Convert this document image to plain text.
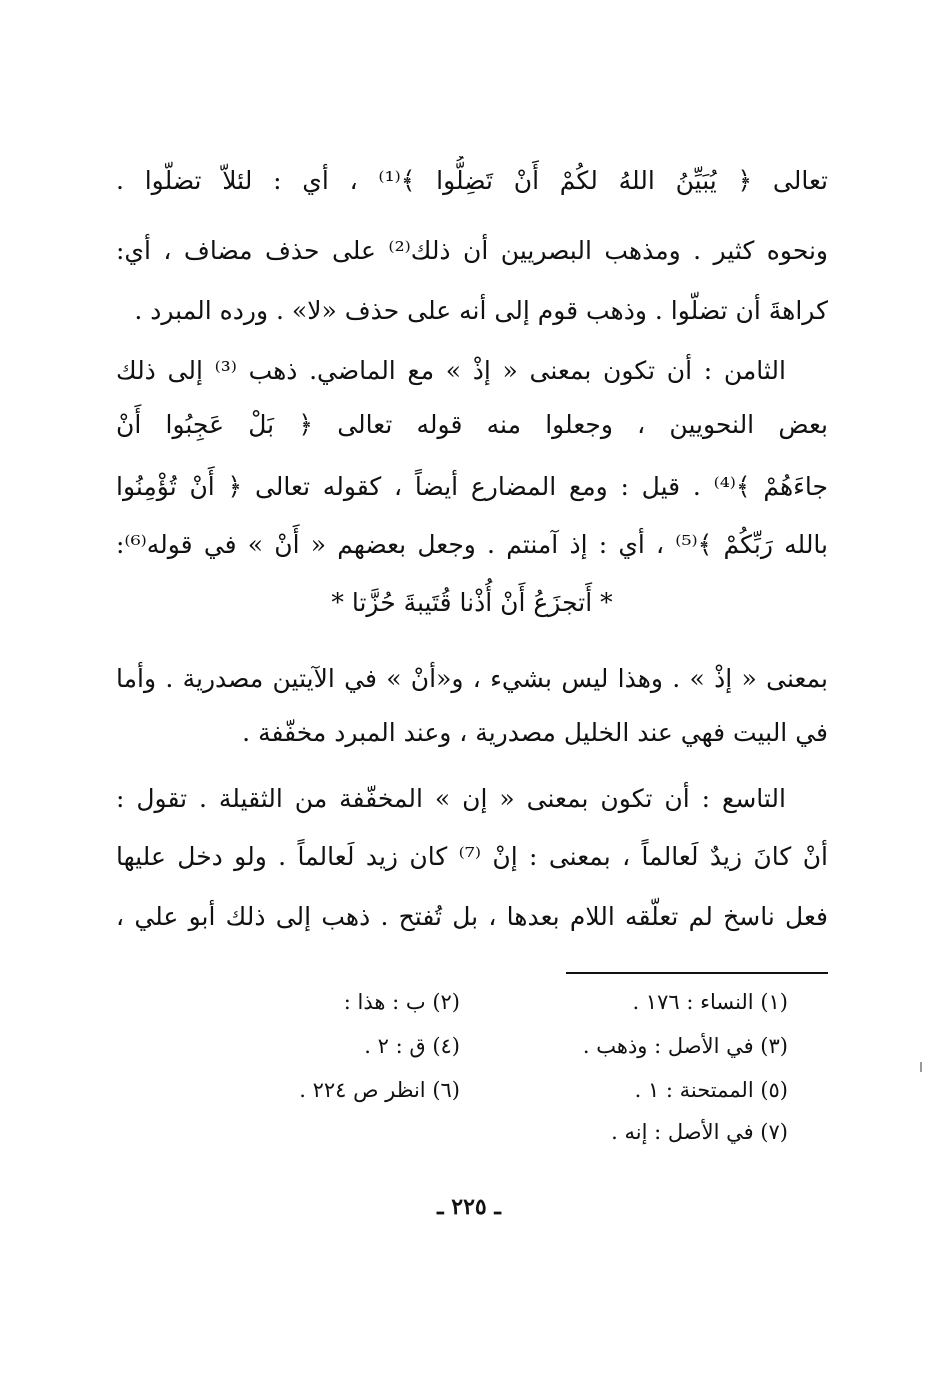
تعالى ﴿ يُبَيِّنُ اللهُ لكُمْ أَنْ تَضِلُّوا ﴾⁽¹⁾ ، أي : لئلاّ تضلّوا .
ونحوه كثير . ومذهب البصريين أن ذلك⁽²⁾ على حذف مضاف ، أي:
كراهةَ أن تضلّوا . وذهب قوم إلى أنه على حذف «لا» . ورده المبرد .
الثامن : أن تكون بمعنى « إذْ » مع الماضي. ذهب ⁽³⁾ إلى ذلك
بعض النحويين ، وجعلوا منه قوله تعالى ﴿ بَلْ عَجِبُوا أَنْ
جاءَهُمْ ﴾⁽⁴⁾ . قيل : ومع المضارع أيضاً ، كقوله تعالى ﴿ أَنْ تُؤْمِنُوا
بالله رَبِّكُمْ ﴾⁽⁵⁾ ، أي : إذ آمنتم . وجعل بعضهم « أَنْ » في قوله⁽⁶⁾:
* أَتجزَعُ أَنْ أُذْنا قُتَيبةَ حُزَّتا *
بمعنى « إذْ » . وهذا ليس بشيء ، و«أنْ » في الآيتين مصدرية . وأما
في البيت فهي عند الخليل مصدرية ، وعند المبرد مخفّفة .
التاسع : أن تكون بمعنى « إن » المخفّفة من الثقيلة . تقول :
أنْ كانَ زيدٌ لَعالماً ، بمعنى : إنْ ⁽⁷⁾ كان زيد لَعالماً . ولو دخل عليها
فعل ناسخ لم تعلّقه اللام بعدها ، بل تُفتح . ذهب إلى ذلك أبو علي ،
(١) النساء : ١٧٦ .
(٢) ب : هذا :
(٣) في الأصل : وذهب .
(٤) ق : ٢ .
(٥) الممتحنة : ١ .
(٦) انظر ص ٢٢٤ .
(٧) في الأصل : إنه .
ـ ٢٢٥ ـ
